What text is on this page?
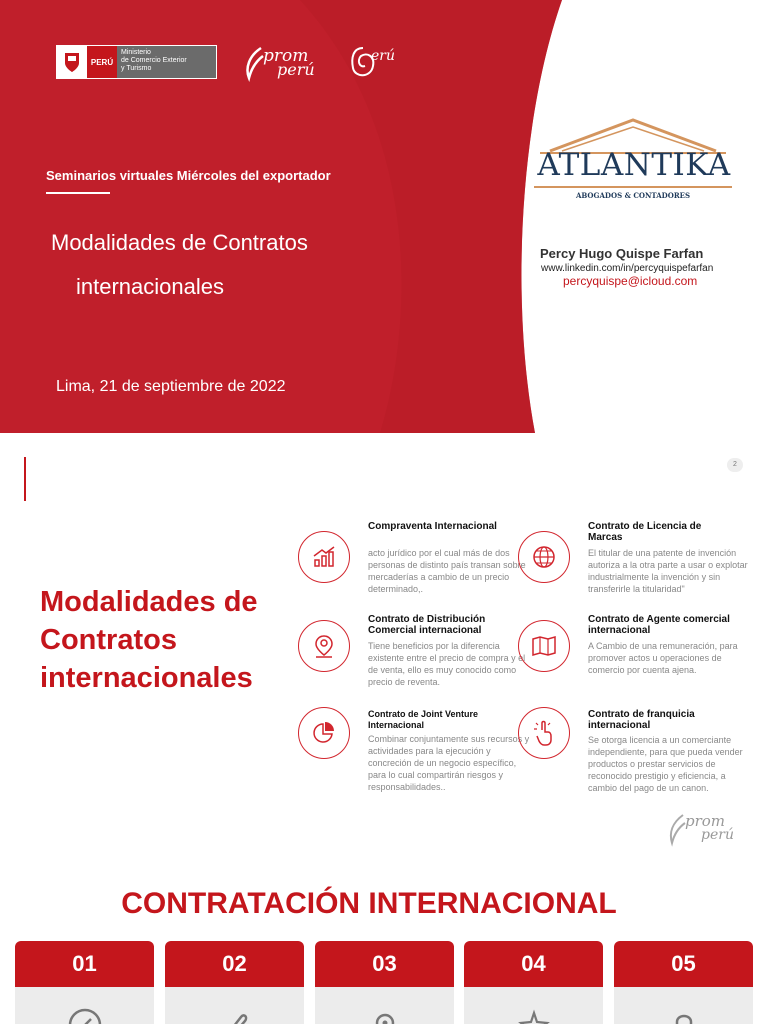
PERÚ
Ministerio
de Comercio Exterior
y Turismo
prom
perú
erú
Seminarios virtuales Miércoles del exportador
Modalidades de Contratos
internacionales
Lima, 21 de septiembre de 2022
ATLANTIKA
ABOGADOS & CONTADORES
Percy Hugo Quispe Farfan
www.linkedin.com/in/percyquispefarfan
percyquispe@icloud.com
2
Modalidades de Contratos internacionales
Compraventa Internacional
acto jurídico por el cual más de dos personas de distinto país transan sobre mercaderías a cambio de un precio determinado,.
Contrato de Licencia de Marcas
El titular de una patente de invención autoriza a la otra parte a usar o explotar industrialmente la invención y sin transferirle la titularidad"
Contrato de Distribución Comercial internacional
Tiene beneficios por la diferencia existente entre el precio de compra y el de venta, ello es muy conocido como precio de reventa.
Contrato de Agente comercial internacional
A Cambio de una remuneración, para promover actos u operaciones de comercio por cuenta ajena.
Contrato de Joint Venture Internacional
Combinar conjuntamente sus recursos y actividades para la ejecución y concreción de un negocio específico, para lo cual compartirán riesgos y responsabilidades..
Contrato de franquicia internacional
Se otorga licencia a un comerciante independiente, para que pueda vender productos o prestar servicios de reconocido prestigio y eficiencia, a cambio del pago de un canon.
prom
perú
CONTRATACIÓN INTERNACIONAL
01	02	03	04	05
